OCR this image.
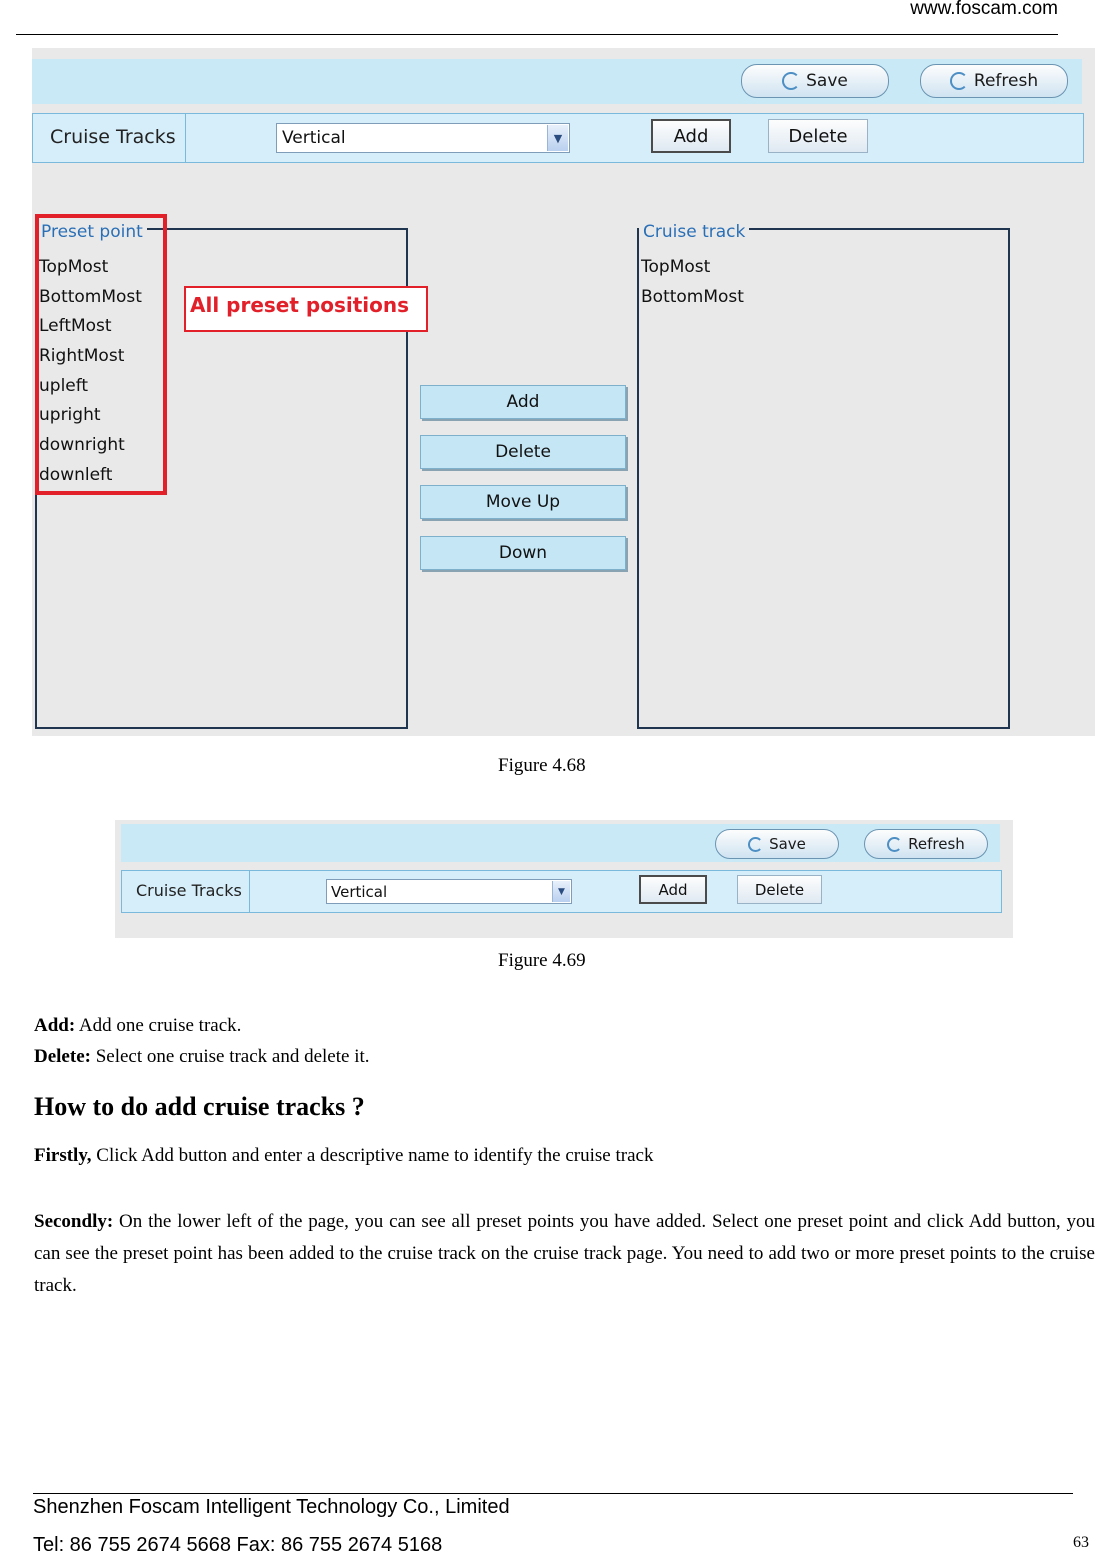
www.foscam.com
Save	Refresh
Cruise Tracks	Vertical	▼	Add	Delete
Preset point
TopMost
BottomMost
LeftMost
RightMost
upleft
upright
downright
downleft
All preset positions
Add
Delete
Move Up
Down
Cruise track
TopMost
BottomMost
Figure 4.68
Save	Refresh
Cruise Tracks	Vertical	▼	Add	Delete
Figure 4.69
Add: Add one cruise track.
Delete: Select one cruise track and delete it.
How to do add cruise tracks ?
Firstly, Click Add button and enter a descriptive name to identify the cruise track
Secondly: On the lower left of the page, you can see all preset points you have added. Select one preset point and click Add button, you can see the preset point has been added to the cruise track on the cruise track page. You need to add two or more preset points to the cruise track.
Shenzhen Foscam Intelligent Technology Co., Limited
Tel: 86 755 2674 5668 Fax: 86 755 2674 5168	63
